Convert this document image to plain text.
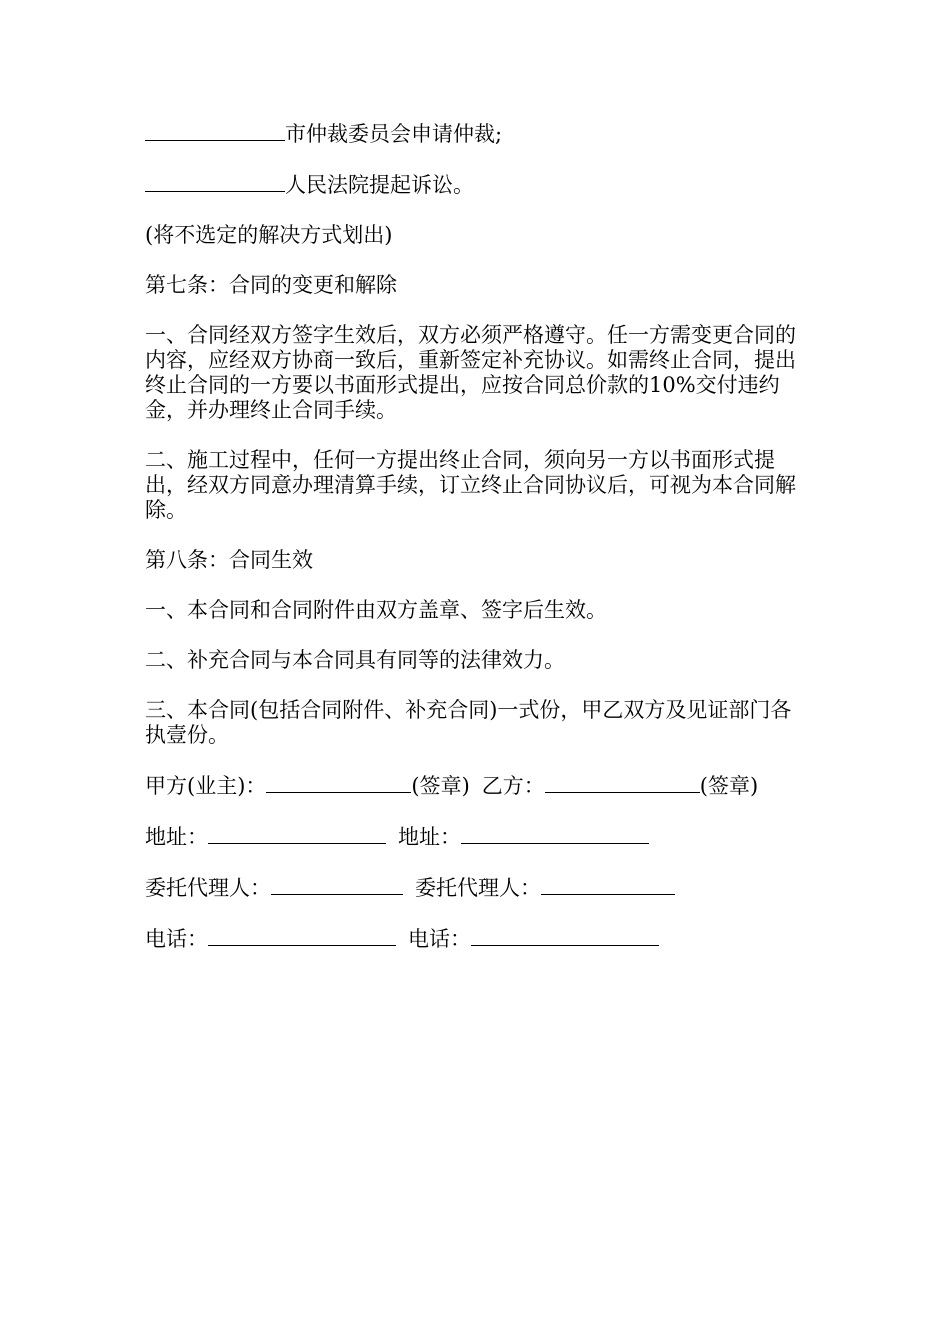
市仲裁委员会申请仲裁;
人民法院提起诉讼。

(将不选定的解决方式划出)

第七条：合同的变更和解除

一、合同经双方签字生效后，双方必须严格遵守。任一方需变更合同的内容，应经双方协商一致后，重新签定补充协议。如需终止合同，提出终止合同的一方要以书面形式提出，应按合同总价款的10%交付违约金，并办理终止合同手续。

二、施工过程中，任何一方提出终止合同，须向另一方以书面形式提出，经双方同意办理清算手续，订立终止合同协议后，可视为本合同解除。

第八条：合同生效

一、本合同和合同附件由双方盖章、签字后生效。

二、补充合同与本合同具有同等的法律效力。

三、本合同(包括合同附件、补充合同)一式份，甲乙双方及见证部门各执壹份。

甲方(业主)：	(签章) 乙方：	(签章)
地址：	地址：
委托代理人：	委托代理人：
电话：	电话：
